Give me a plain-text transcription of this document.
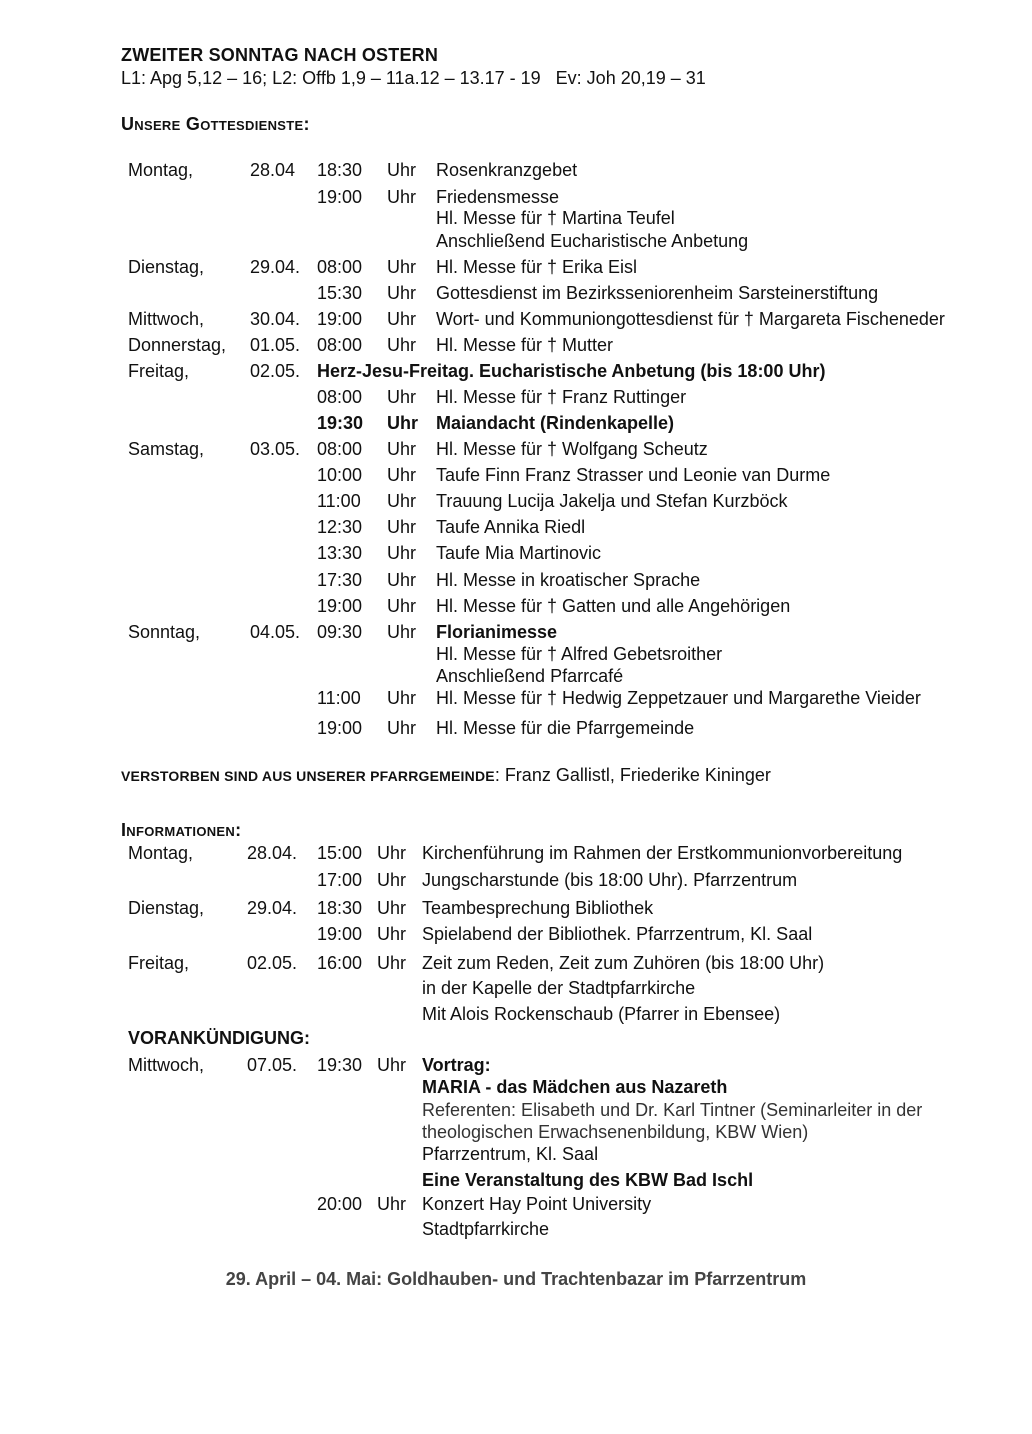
ZWEITER SONNTAG NACH OSTERN
L1: Apg 5,12 – 16; L2: Offb 1,9 – 11a.12 – 13.17 - 19   Ev: Joh 20,19 – 31
Unsere Gottesdienste:
Montag,	28.04 18:30 Uhr Rosenkranzgebet
19:00 Uhr Friedensmesse
Hl. Messe für † Martina Teufel
Anschließend Eucharistische Anbetung
Dienstag,	29.04. 08:00 Uhr Hl. Messe für † Erika Eisl
15:30 Uhr Gottesdienst im Bezirksseniorenheim Sarsteinerstiftung
Mittwoch,	30.04. 19:00 Uhr Wort- und Kommuniongottesdienst für † Margareta Fischeneder
Donnerstag, 01.05. 08:00 Uhr Hl. Messe für † Mutter
Freitag,	02.05. Herz-Jesu-Freitag. Eucharistische Anbetung (bis 18:00 Uhr)
08:00 Uhr Hl. Messe für † Franz Ruttinger
19:30 Uhr Maiandacht (Rindenkapelle)
Samstag,	03.05. 08:00 Uhr Hl. Messe für † Wolfgang Scheutz
10:00 Uhr Taufe Finn Franz Strasser und Leonie van Durme
11:00 Uhr Trauung Lucija Jakelja und Stefan Kurzböck
12:30 Uhr Taufe Annika Riedl
13:30 Uhr Taufe Mia Martinovic
17:30 Uhr Hl. Messe in kroatischer Sprache
19:00 Uhr Hl. Messe für † Gatten und alle Angehörigen
Sonntag,	04.05. 09:30 Uhr Florianimesse
Hl. Messe für † Alfred Gebetsroither
Anschließend Pfarrcafé
11:00 Uhr Hl. Messe für † Hedwig Zeppetzauer und Margarethe Vieider
19:00 Uhr Hl. Messe für die Pfarrgemeinde
VERSTORBEN SIND AUS UNSERER PFARRGEMEINDE: Franz Gallistl, Friederike Kininger
Informationen:
Montag,	28.04. 15:00 Uhr Kirchenführung im Rahmen der Erstkommunionvorbereitung
17:00 Uhr Jungscharstunde (bis 18:00 Uhr). Pfarrzentrum
Dienstag, 29.04. 18:30 Uhr Teambesprechung Bibliothek
19:00 Uhr Spielabend der Bibliothek. Pfarrzentrum, Kl. Saal
Freitag,	02.05. 16:00 Uhr Zeit zum Reden, Zeit zum Zuhören (bis 18:00 Uhr)
in der Kapelle der Stadtpfarrkirche
Mit Alois Rockenschaub (Pfarrer in Ebensee)
VORANKÜNDIGUNG:
Mittwoch, 07.05. 19:30 Uhr Vortrag:
MARIA - das Mädchen aus Nazareth
Referenten: Elisabeth und Dr. Karl Tintner (Seminarleiter in der
theologischen Erwachsenenbildung, KBW Wien)
Pfarrzentrum, Kl. Saal
Eine Veranstaltung des KBW Bad Ischl
20:00 Uhr Konzert Hay Point University
Stadtpfarrkirche
29. April – 04. Mai: Goldhauben- und Trachtenbazar im Pfarrzentrum
